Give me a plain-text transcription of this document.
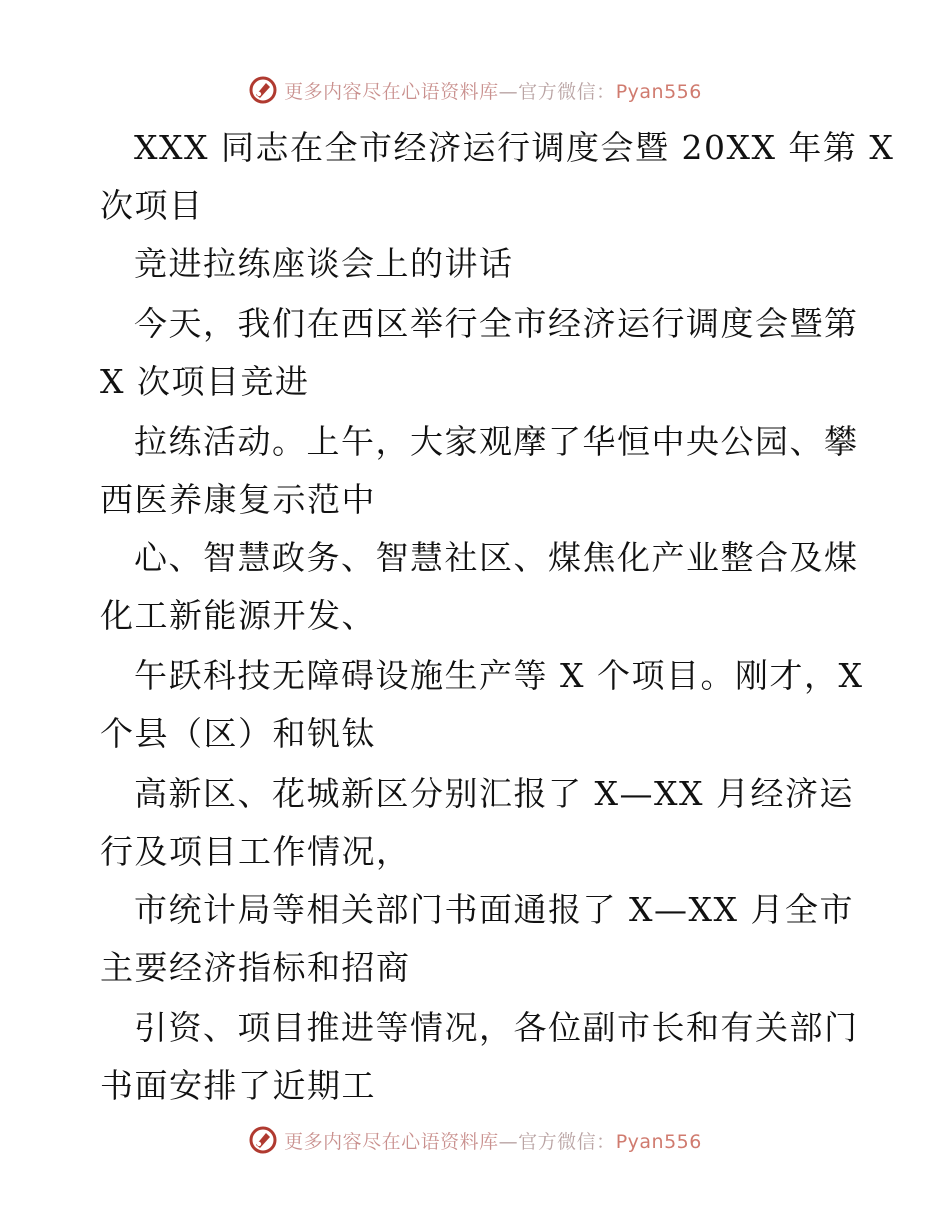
更多内容尽在心语资料库—官方微信：Pyan556
XXX 同志在全市经济运行调度会暨 20XX 年第 X
次项目
竞进拉练座谈会上的讲话
今天，我们在西区举行全市经济运行调度会暨第
X 次项目竞进
拉练活动。上午，大家观摩了华恒中央公园、攀
西医养康复示范中
心、智慧政务、智慧社区、煤焦化产业整合及煤
化工新能源开发、
午跃科技无障碍设施生产等 X 个项目。刚才，X
个县（区）和钒钛
高新区、花城新区分别汇报了 X—XX 月经济运
行及项目工作情况，
市统计局等相关部门书面通报了 X—XX 月全市
主要经济指标和招商
引资、项目推进等情况，各位副市长和有关部门
书面安排了近期工
更多内容尽在心语资料库—官方微信：Pyan556
